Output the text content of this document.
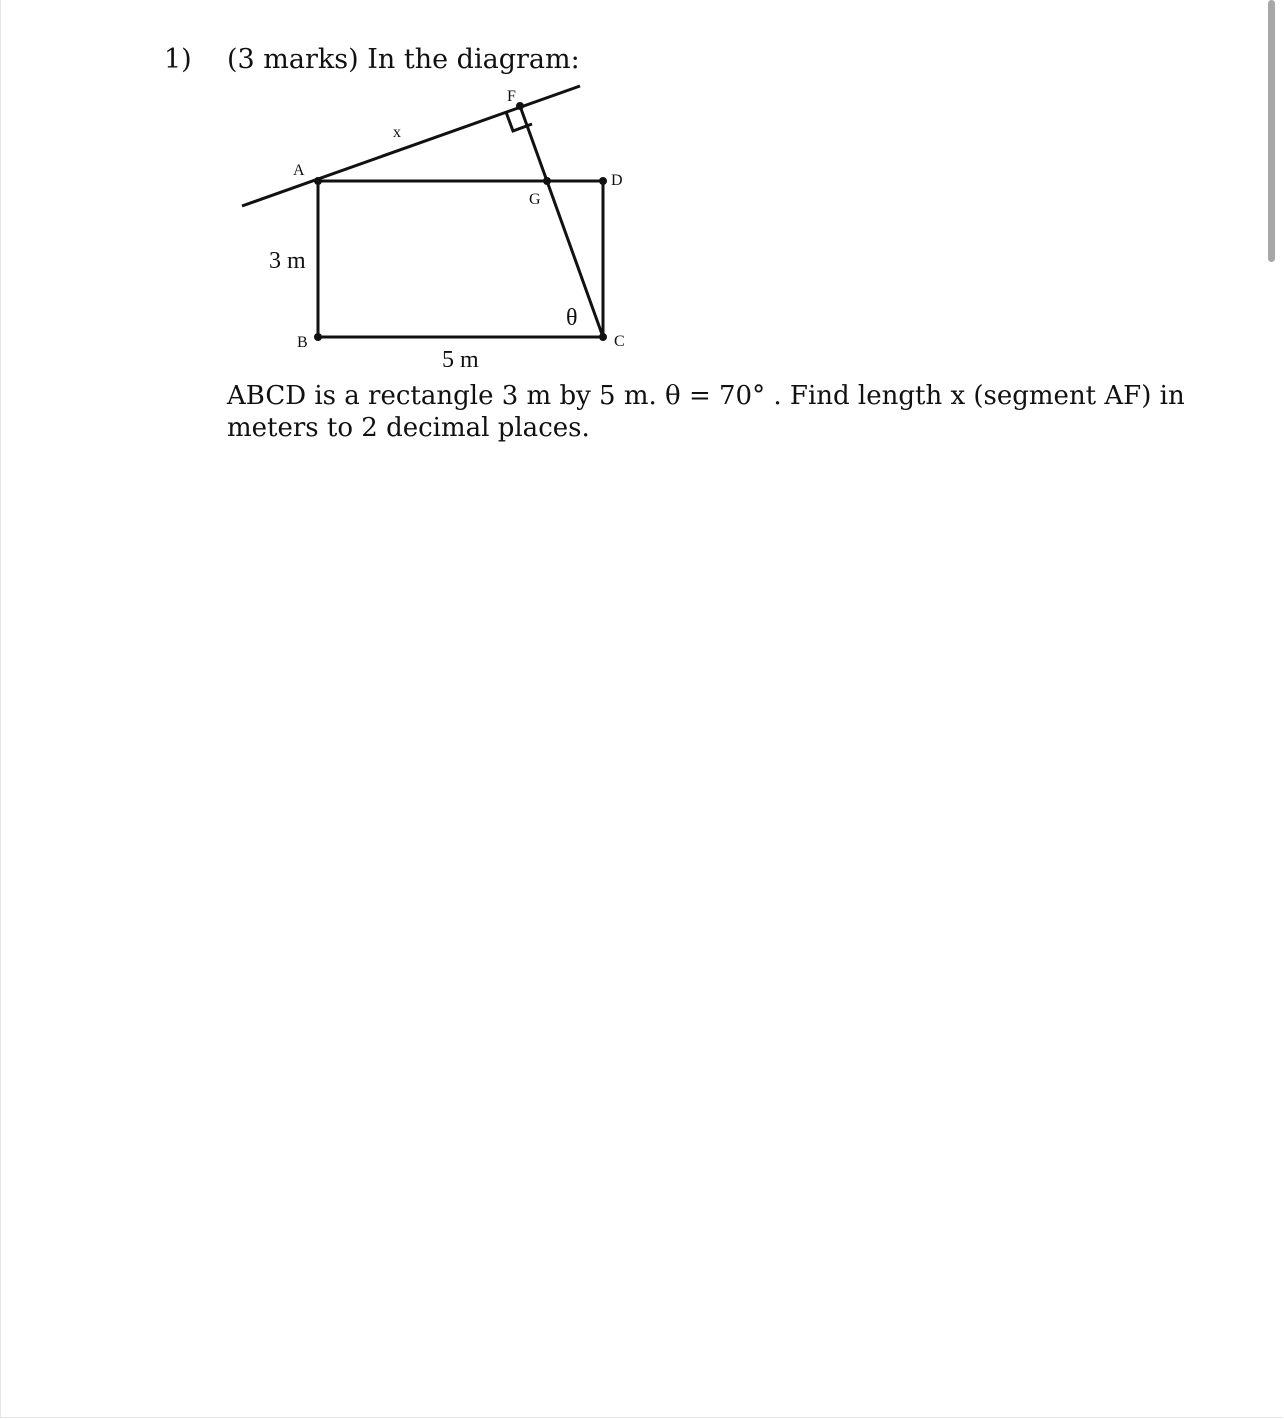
1) (3 marks) In the diagram:
F
x
A
D
G
3 m
θ
B	C
5 m
ABCD is a rectangle 3 m by 5 m. θ = 70° . Find length x (segment AF) in
meters to 2 decimal places.
